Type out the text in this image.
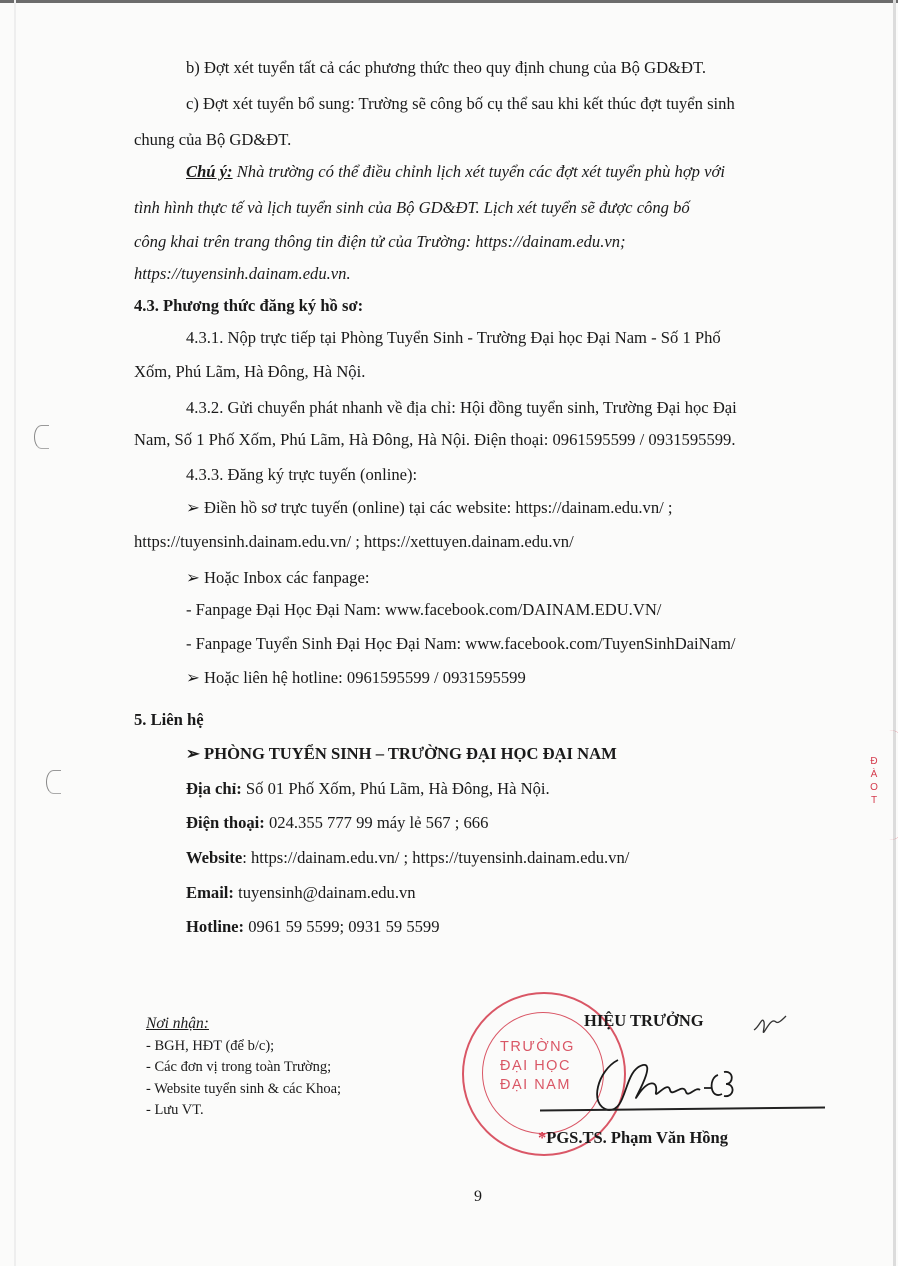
b) Đợt xét tuyển tất cả các phương thức theo quy định chung của Bộ GD&ĐT.
c) Đợt xét tuyển bổ sung: Trường sẽ công bố cụ thể sau khi kết thúc đợt tuyển sinh
chung của Bộ GD&ĐT.
Chú ý: Nhà trường có thể điều chỉnh lịch xét tuyển các đợt xét tuyển phù hợp với
tình hình thực tế và lịch tuyển sinh của Bộ GD&ĐT. Lịch xét tuyển sẽ được công bố
công khai trên trang thông tin điện tử của Trường: https://dainam.edu.vn;
https://tuyensinh.dainam.edu.vn.
4.3. Phương thức đăng ký hồ sơ:
4.3.1. Nộp trực tiếp tại Phòng Tuyển Sinh - Trường Đại học Đại Nam - Số 1 Phố
Xốm, Phú Lãm, Hà Đông, Hà Nội.
4.3.2. Gửi chuyển phát nhanh về địa chỉ: Hội đồng tuyển sinh, Trường Đại học Đại
Nam, Số 1 Phố Xốm, Phú Lãm, Hà Đông, Hà Nội. Điện thoại: 0961595599 / 0931595599.
4.3.3. Đăng ký trực tuyến (online):
➢ Điền hồ sơ trực tuyến (online) tại các website: https://dainam.edu.vn/ ;
https://tuyensinh.dainam.edu.vn/ ; https://xettuyen.dainam.edu.vn/
➢ Hoặc Inbox các fanpage:
- Fanpage Đại Học Đại Nam: www.facebook.com/DAINAM.EDU.VN/
- Fanpage Tuyển Sinh Đại Học Đại Nam: www.facebook.com/TuyenSinhDaiNam/
➢ Hoặc liên hệ hotline: 0961595599 / 0931595599
5. Liên hệ
➢ PHÒNG TUYỂN SINH – TRƯỜNG ĐẠI HỌC ĐẠI NAM
Địa chỉ: Số 01 Phố Xốm, Phú Lãm, Hà Đông, Hà Nội.
Điện thoại: 024.355 777 99 máy lẻ 567 ; 666
Website: https://dainam.edu.vn/ ; https://tuyensinh.dainam.edu.vn/
Email: tuyensinh@dainam.edu.vn
Hotline: 0961 59 5599; 0931 59 5599
Nơi nhận:
- BGH, HĐT (để b/c);
- Các đơn vị trong toàn Trường;
- Website tuyển sinh & các Khoa;
- Lưu VT.
TRƯỜNG
ĐẠI HỌC
ĐẠI NAM
HIỆU TRƯỞNG
*PGS.TS. Phạm Văn Hồng
Đ
À
O
T
9
